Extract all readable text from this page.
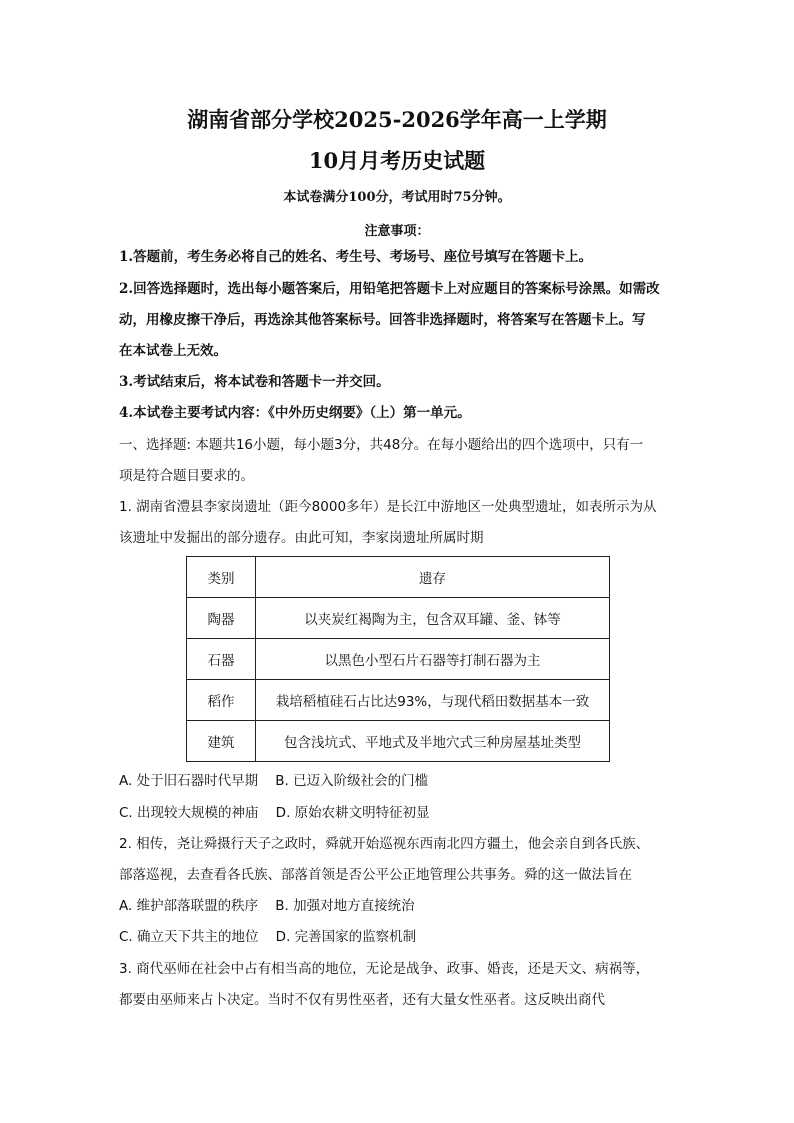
湖南省部分学校2025-2026学年高一上学期
10月月考历史试题
本试卷满分100分，考试用时75分钟。
注意事项：
1.答题前，考生务必将自己的姓名、考生号、考场号、座位号填写在答题卡上。
2.回答选择题时，选出每小题答案后，用铅笔把答题卡上对应题目的答案标号涂黑。如需改
动，用橡皮擦干净后，再选涂其他答案标号。回答非选择题时，将答案写在答题卡上。写
在本试卷上无效。
3.考试结束后，将本试卷和答题卡一并交回。
4.本试卷主要考试内容：《中外历史纲要》（上）第一单元。
一、选择题: 本题共16小题，每小题3分，共48分。在每小题给出的四个选项中，只有一
项是符合题目要求的。
1. 湖南省澧县李家岗遗址（距今8000多年）是长江中游地区一处典型遗址，如表所示为从
该遗址中发掘出的部分遗存。由此可知，李家岗遗址所属时期
类别	遗存
陶器	以夹炭红褐陶为主，包含双耳罐、釜、钵等
石器	以黑色小型石片石器等打制石器为主
稻作	栽培稻植硅石占比达93%，与现代稻田数据基本一致
建筑	包含浅坑式、平地式及半地穴式三种房屋基址类型
A. 处于旧石器时代早期    B. 已迈入阶级社会的门槛
C. 出现较大规模的神庙    D. 原始农耕文明特征初显
2. 相传，尧让舜摄行天子之政时，舜就开始巡视东西南北四方疆土，他会亲自到各氏族、
部落巡视，去查看各氏族、部落首领是否公平公正地管理公共事务。舜的这一做法旨在
A. 维护部落联盟的秩序    B. 加强对地方直接统治
C. 确立天下共主的地位    D. 完善国家的监察机制
3. 商代巫师在社会中占有相当高的地位，无论是战争、政事、婚丧，还是天文、病祸等，
都要由巫师来占卜决定。当时不仅有男性巫者，还有大量女性巫者。这反映出商代
